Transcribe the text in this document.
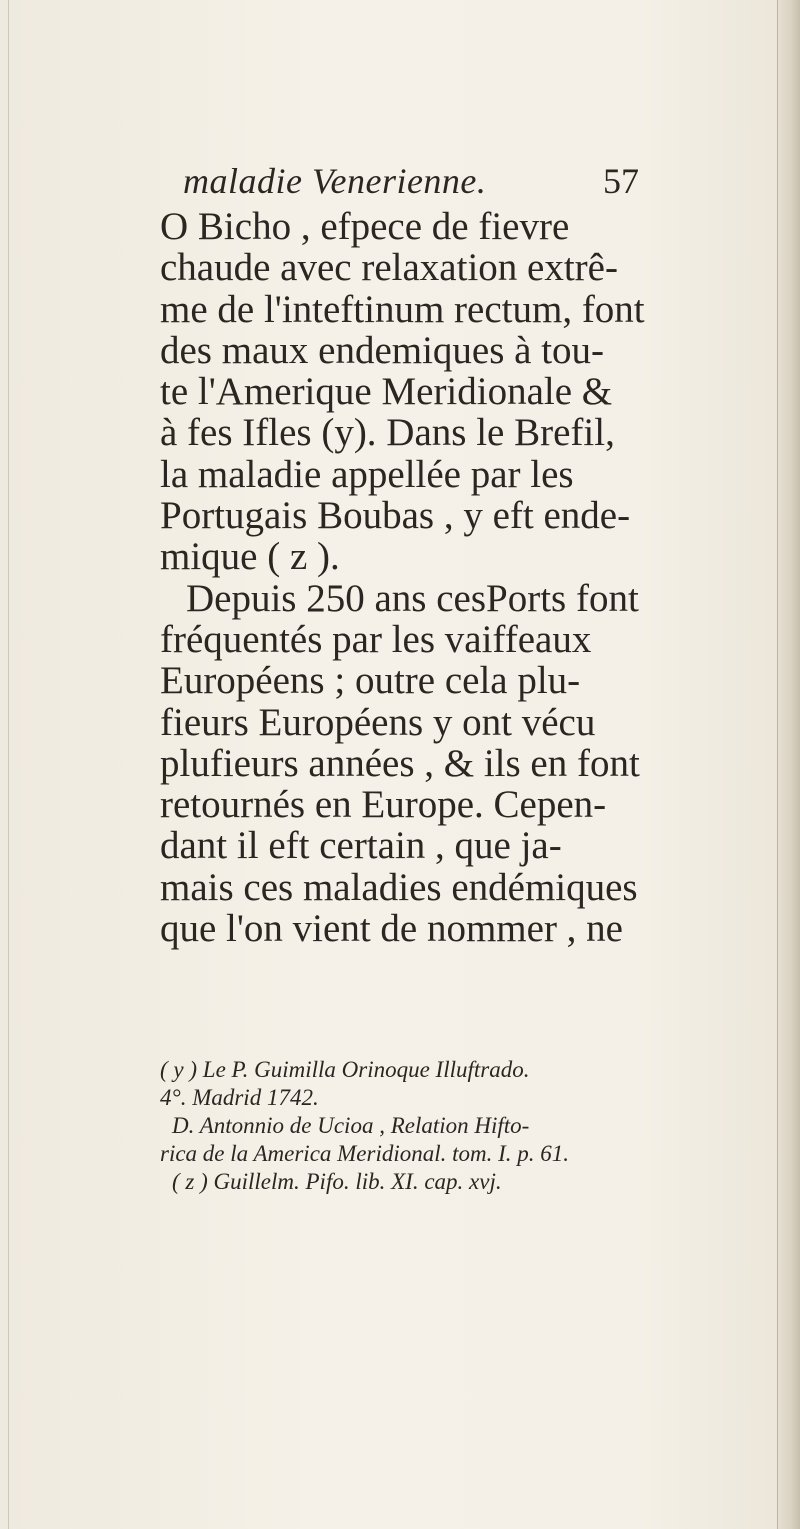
maladie Venerienne.	57

O Bicho , efpece de fievre
chaude avec relaxation extrê-
me de l'inteftinum rectum, font
des maux endemiques à tou-
te l'Amerique Meridionale &
à fes Ifles (y). Dans le Brefil,
la maladie appellée par les
Portugais Boubas , y eft ende-
mique ( z ).
Depuis 250 ans cesPorts font
fréquentés par les vaiffeaux
Européens ; outre cela plu-
fieurs Européens y ont vécu
plufieurs années , & ils en font
retournés en Europe. Cepen-
dant il eft certain , que ja-
mais ces maladies endémiques
que l'on vient de nommer , ne

( y ) Le P. Guimilla Orinoque Illuftrado.
4°. Madrid 1742.
D. Antonnio de Ucioa , Relation Hifto-
rica de la America Meridional. tom. I. p. 61.
( z ) Guillelm. Pifo. lib. XI. cap. xvj.
